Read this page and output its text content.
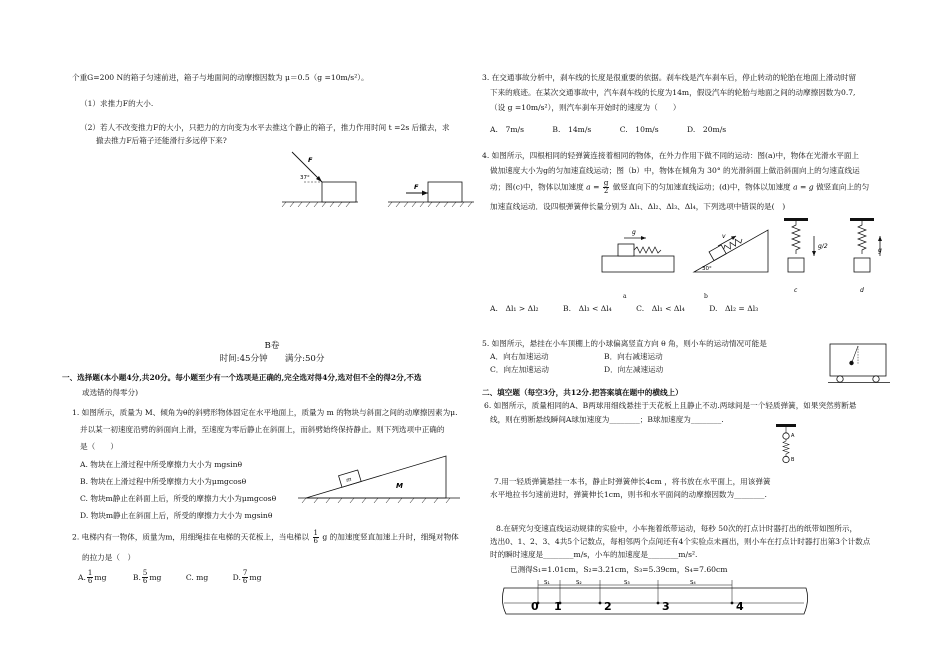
个重G=200 N的箱子匀速前进，箱子与地面间的动摩擦因数为 μ＝0.5（g =10m/s²）。
（1）求推力F的大小.
（2）若人不改变推力F的大小，只把力的方向变为水平去推这个静止的箱子，推力作用时间 t =2s 后撤去，求
撤去推力F后箱子还能滑行多远停下来?
F
37°
F
B卷
时间:45分钟　　满分:50分
一、选择题(本小题4分,共20分。每小题至少有一个选项是正确的,完全选对得4分,选对但不全的得2分,不选
或选错的得零分)
1. 如图所示，质量为 M、倾角为θ的斜劈形物体固定在水平地面上，质量为 m 的物块与斜面之间的动摩擦因素为μ.
并以某一初速度沿劈的斜面向上滑，至速度为零后静止在斜面上，而斜劈始终保持静止。则下列选项中正确的
是（　　）
A. 物块在上滑过程中所受摩擦力大小为 mgsinθ
B. 物块在上滑过程中所受摩擦力大小为μmgcosθ
C. 物块m静止在斜面上后，所受的摩擦力大小为μmgcosθ
D. 物块m静止在斜面上后，所受的摩擦力大小为 mgsinθ
m
M
2. 电梯内有一物体，质量为m，用细绳挂在电梯的天花板上，当电梯以 $\frac{1}{6}$ g 的加速度竖直加速上升时，细绳对物体
的拉力是（　）
A. $\frac{1}{6}$ mg	B. $\frac{5}{6}$ mg	C. mg	D. $\frac{7}{6}$ mg
3. 在交通事故分析中，刹车线的长度是很重要的依据。刹车线是汽车刹车后，停止转动的轮胎在地面上滑动时留
下来的痕迹。在某次交通事故中，汽车刹车线的长度为14m，假设汽车的轮胎与地面之间的动摩擦因数为0.7,
（设 g =10m/s²），则汽车刹车开始时的速度为（　　）
A.　7m/s	B.　14m/s	C.　10m/s	D.　20m/s
4. 如图所示，四根相同的轻弹簧连接着相同的物体，在外力作用下做不同的运动：图(a)中，物体在光滑水平面上
做加速度大小为g的匀加速直线运动；图（b）中，物体在倾角为 30° 的光滑斜面上做沿斜面向上的匀速直线运
动；图(c)中，物体以加速度 $a = \frac{g}{2}$ 做竖直向下的匀加速直线运动；(d)中，物体以加速度 a = g 做竖直向上的匀
加速直线运动．设四根弹簧伸长量分别为 Δl₁、Δl₂、Δl₃、Δl₄，下列选项中错误的是(　)
g
v
30°
g/2
c
g
d
a	b
A.　Δl₁ > Δl₂	B.　Δl₃ < Δl₄	C.　Δl₁ < Δl₄	D.　Δl₂ = Δl₃
5. 如图所示，悬挂在小车顶棚上的小球偏离竖直方向 θ 角，则小车的运动情况可能是
A．向右加速运动	B．向右减速运动
C．向左加速运动	D．向左减速运动
二、填空题（每空3分，共12分.把答案填在题中的横线上）
6. 如图所示，质量相同的A、B两球用细线悬挂于天花板上且静止不动.两球间是一个轻质弹簧，如果突然剪断悬
线，则在剪断悬线瞬间A球加速度为________；B球加速度为________.
A
B
7.用一轻质弹簧悬挂一本书，静止时弹簧伸长4cm ，将书放在水平面上，用该弹簧
水平地拉书匀速前进时，弹簧伸长1cm，则书和水平面间的动摩擦因数为________.
8.在研究匀变速直线运动规律的实验中，小车拖着纸带运动，每秒 50次的打点计时器打出的纸带如图所示，
选出0、1、2、3、4共5个记数点，每相邻两个点间还有4个实验点未画出，则小车在打点计时器打出第3个计数点
时的瞬时速度是________m/s，小车的加速度是________m/s².
已测得S₁=1.01cm，S₂=3.21cm，S₃=5.39cm，S₄=7.60cm
S₁	S₂	S₃	S₄
0 1	2	3	4
